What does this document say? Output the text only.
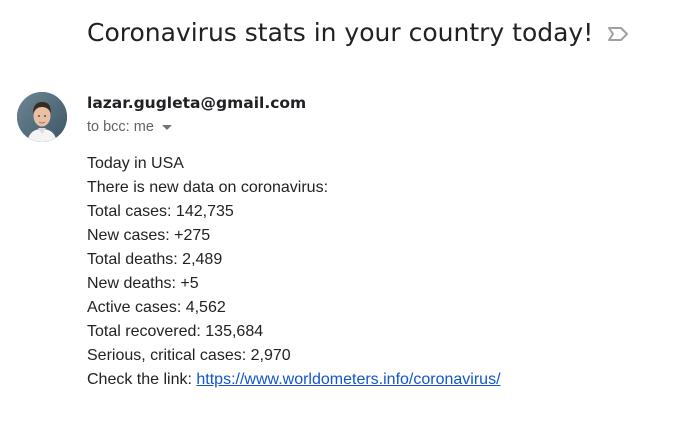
Coronavirus stats in your country today!
lazar.gugleta@gmail.com
to bcc: me
Today in USA
There is new data on coronavirus:
Total cases: 142,735
New cases: +275
Total deaths: 2,489
New deaths: +5
Active cases: 4,562
Total recovered: 135,684
Serious, critical cases: 2,970
Check the link: https://www.worldometers.info/coronavirus/
